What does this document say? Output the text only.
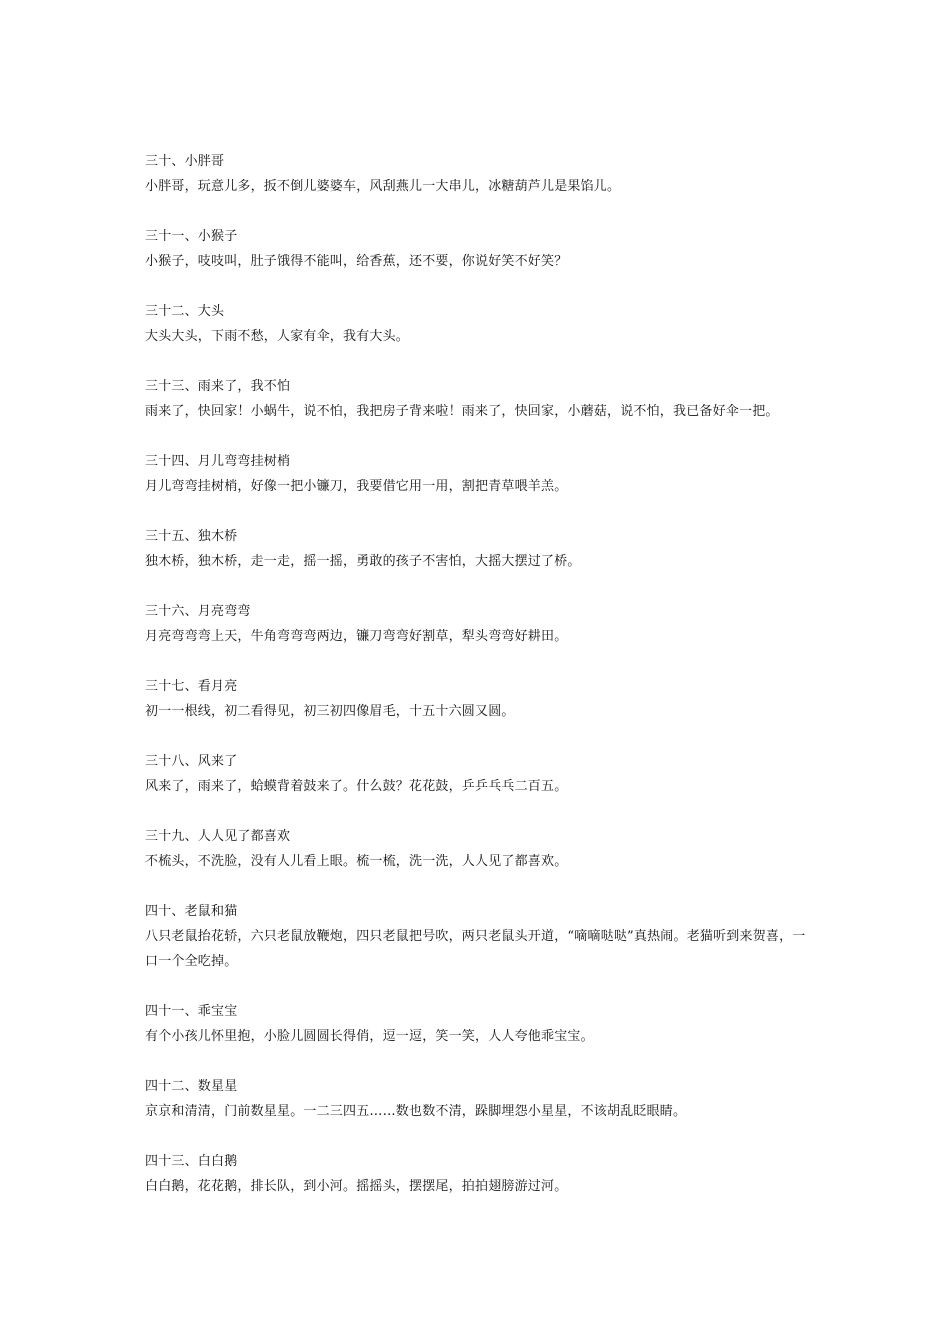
三十、小胖哥

小胖哥，玩意儿多，扳不倒儿婆婆车，风刮燕儿一大串儿，冰糖葫芦儿是果馅儿。

三十一、小猴子

小猴子，吱吱叫，肚子饿得不能叫，给香蕉，还不要，你说好笑不好笑？

三十二、大头

大头大头，下雨不愁，人家有伞，我有大头。

三十三、雨来了，我不怕

雨来了，快回家！小蜗牛，说不怕，我把房子背来啦！雨来了，快回家，小蘑菇，说不怕，我已备好伞一把。

三十四、月儿弯弯挂树梢

月儿弯弯挂树梢，好像一把小镰刀，我要借它用一用，割把青草喂羊羔。

三十五、独木桥

独木桥，独木桥，走一走，摇一摇，勇敢的孩子不害怕，大摇大摆过了桥。

三十六、月亮弯弯

月亮弯弯弯上天，牛角弯弯弯两边，镰刀弯弯好割草，犁头弯弯好耕田。

三十七、看月亮

初一一根线，初二看得见，初三初四像眉毛，十五十六圆又圆。

三十八、风来了

风来了，雨来了，蛤蟆背着鼓来了。什么鼓？花花鼓，乒乒乓乓二百五。

三十九、人人见了都喜欢

不梳头，不洗脸，没有人儿看上眼。梳一梳，洗一洗，人人见了都喜欢。

四十、老鼠和猫

八只老鼠抬花轿，六只老鼠放鞭炮，四只老鼠把号吹，两只老鼠头开道，“嘀嘀哒哒”真热闹。老猫听到来贺喜，一口一个全吃掉。

四十一、乖宝宝

有个小孩儿怀里抱，小脸儿圆圆长得俏，逗一逗，笑一笑，人人夸他乖宝宝。

四十二、数星星

京京和清清，门前数星星。一二三四五……数也数不清，跺脚埋怨小星星，不该胡乱眨眼睛。

四十三、白白鹅

白白鹅，花花鹅，排长队，到小河。摇摇头，摆摆尾，拍拍翅膀游过河。
